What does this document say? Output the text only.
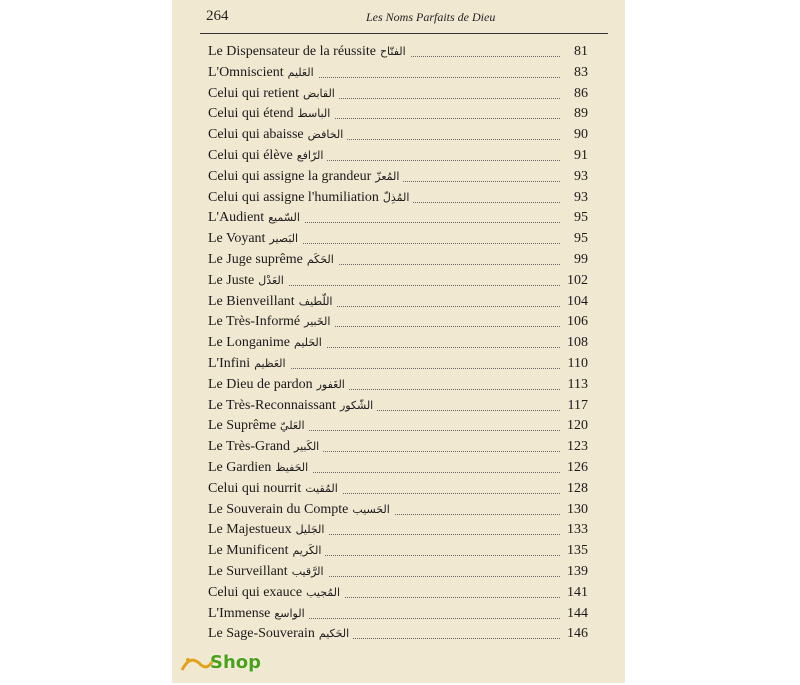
264	Les Noms Parfaits de Dieu
Le Dispensateur de la réussite الفتّاح	81
L'Omniscient العَليم	83
Celui qui retient القابض	86
Celui qui étend الباسط	89
Celui qui abaisse الخافض	90
Celui qui élève الرّافع	91
Celui qui assigne la grandeur المُعزّ	93
Celui qui assigne l'humiliation المُذِلّ	93
L'Audient السّميع	95
Le Voyant البَصير	95
Le Juge suprême الحَكَم	99
Le Juste العَدْل	102
Le Bienveillant اللّطيف	104
Le Très-Informé الخَبير	106
Le Longanime الحَليم	108
L'Infini العَظيم	110
Le Dieu de pardon الغَفور	113
Le Très-Reconnaissant الشّكور	117
Le Suprême العَليّ	120
Le Très-Grand الكَبير	123
Le Gardien الحَفيظ	126
Celui qui nourrit المُقيت	128
Le Souverain du Compte الحَسيب	130
Le Majestueux الجَليل	133
Le Munificent الكَريم	135
Le Surveillant الرَّقيب	139
Celui qui exauce المُجيب	141
L'Immense الواسع	144
Le Sage-Souverain الحَكيم	146
Shop
